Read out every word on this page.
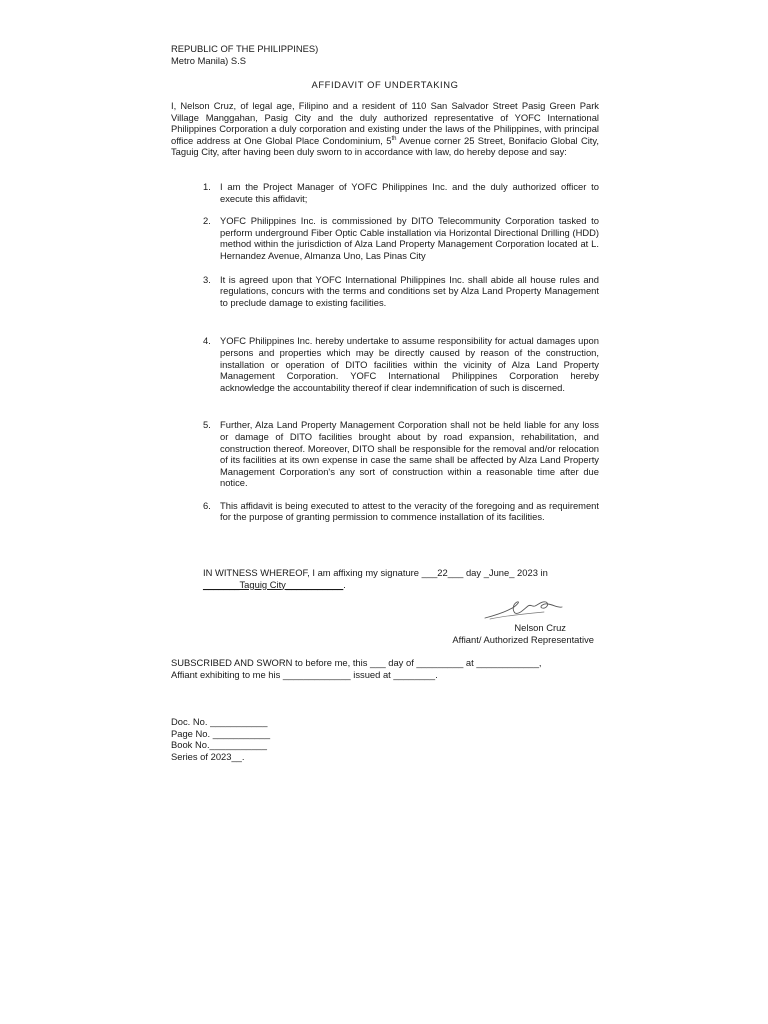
REPUBLIC OF THE PHILIPPINES)
Metro Manila) S.S
AFFIDAVIT OF UNDERTAKING
I, Nelson Cruz, of legal age, Filipino and a resident of 110 San Salvador Street Pasig Green Park Village Manggahan, Pasig City and the duly authorized representative of YOFC International Philippines Corporation a duly corporation and existing under the laws of the Philippines, with principal office address at One Global Place Condominium, 5th Avenue corner 25 Street, Bonifacio Global City, Taguig City, after having been duly sworn to in accordance with law, do hereby depose and say:
1. I am the Project Manager of YOFC Philippines Inc. and the duly authorized officer to execute this affidavit;
2. YOFC Philippines Inc. is commissioned by DITO Telecommunity Corporation tasked to perform underground Fiber Optic Cable installation via Horizontal Directional Drilling (HDD) method within the jurisdiction of Alza Land Property Management Corporation located at L. Hernandez Avenue, Almanza Uno, Las Pinas City
3. It is agreed upon that YOFC International Philippines Inc. shall abide all house rules and regulations, concurs with the terms and conditions set by Alza Land Property Management to preclude damage to existing facilities.
4. YOFC Philippines Inc. hereby undertake to assume responsibility for actual damages upon persons and properties which may be directly caused by reason of the construction, installation or operation of DITO facilities within the vicinity of Alza Land Property Management Corporation. YOFC International Philippines Corporation hereby acknowledge the accountability thereof if clear indemnification of such is discerned.
5. Further, Alza Land Property Management Corporation shall not be held liable for any loss or damage of DITO facilities brought about by road expansion, rehabilitation, and construction thereof. Moreover, DITO shall be responsible for the removal and/or relocation of its facilities at its own expense in case the same shall be affected by Alza Land Property Management Corporation's any sort of construction within a reasonable time after due notice.
6. This affidavit is being executed to attest to the veracity of the foregoing and as requirement for the purpose of granting permission to commence installation of its facilities.
IN WITNESS WHEREOF, I am affixing my signature ___22___ day _June_ 2023 in
_______Taguig City___________.
Nelson Cruz
Affiant/ Authorized Representative
SUBSCRIBED AND SWORN to before me, this ___ day of _________ at ____________,
Affiant exhibiting to me his _____________ issued at ________.
Doc. No. ___________
Page No. ___________
Book No.___________
Series of 2023__.
